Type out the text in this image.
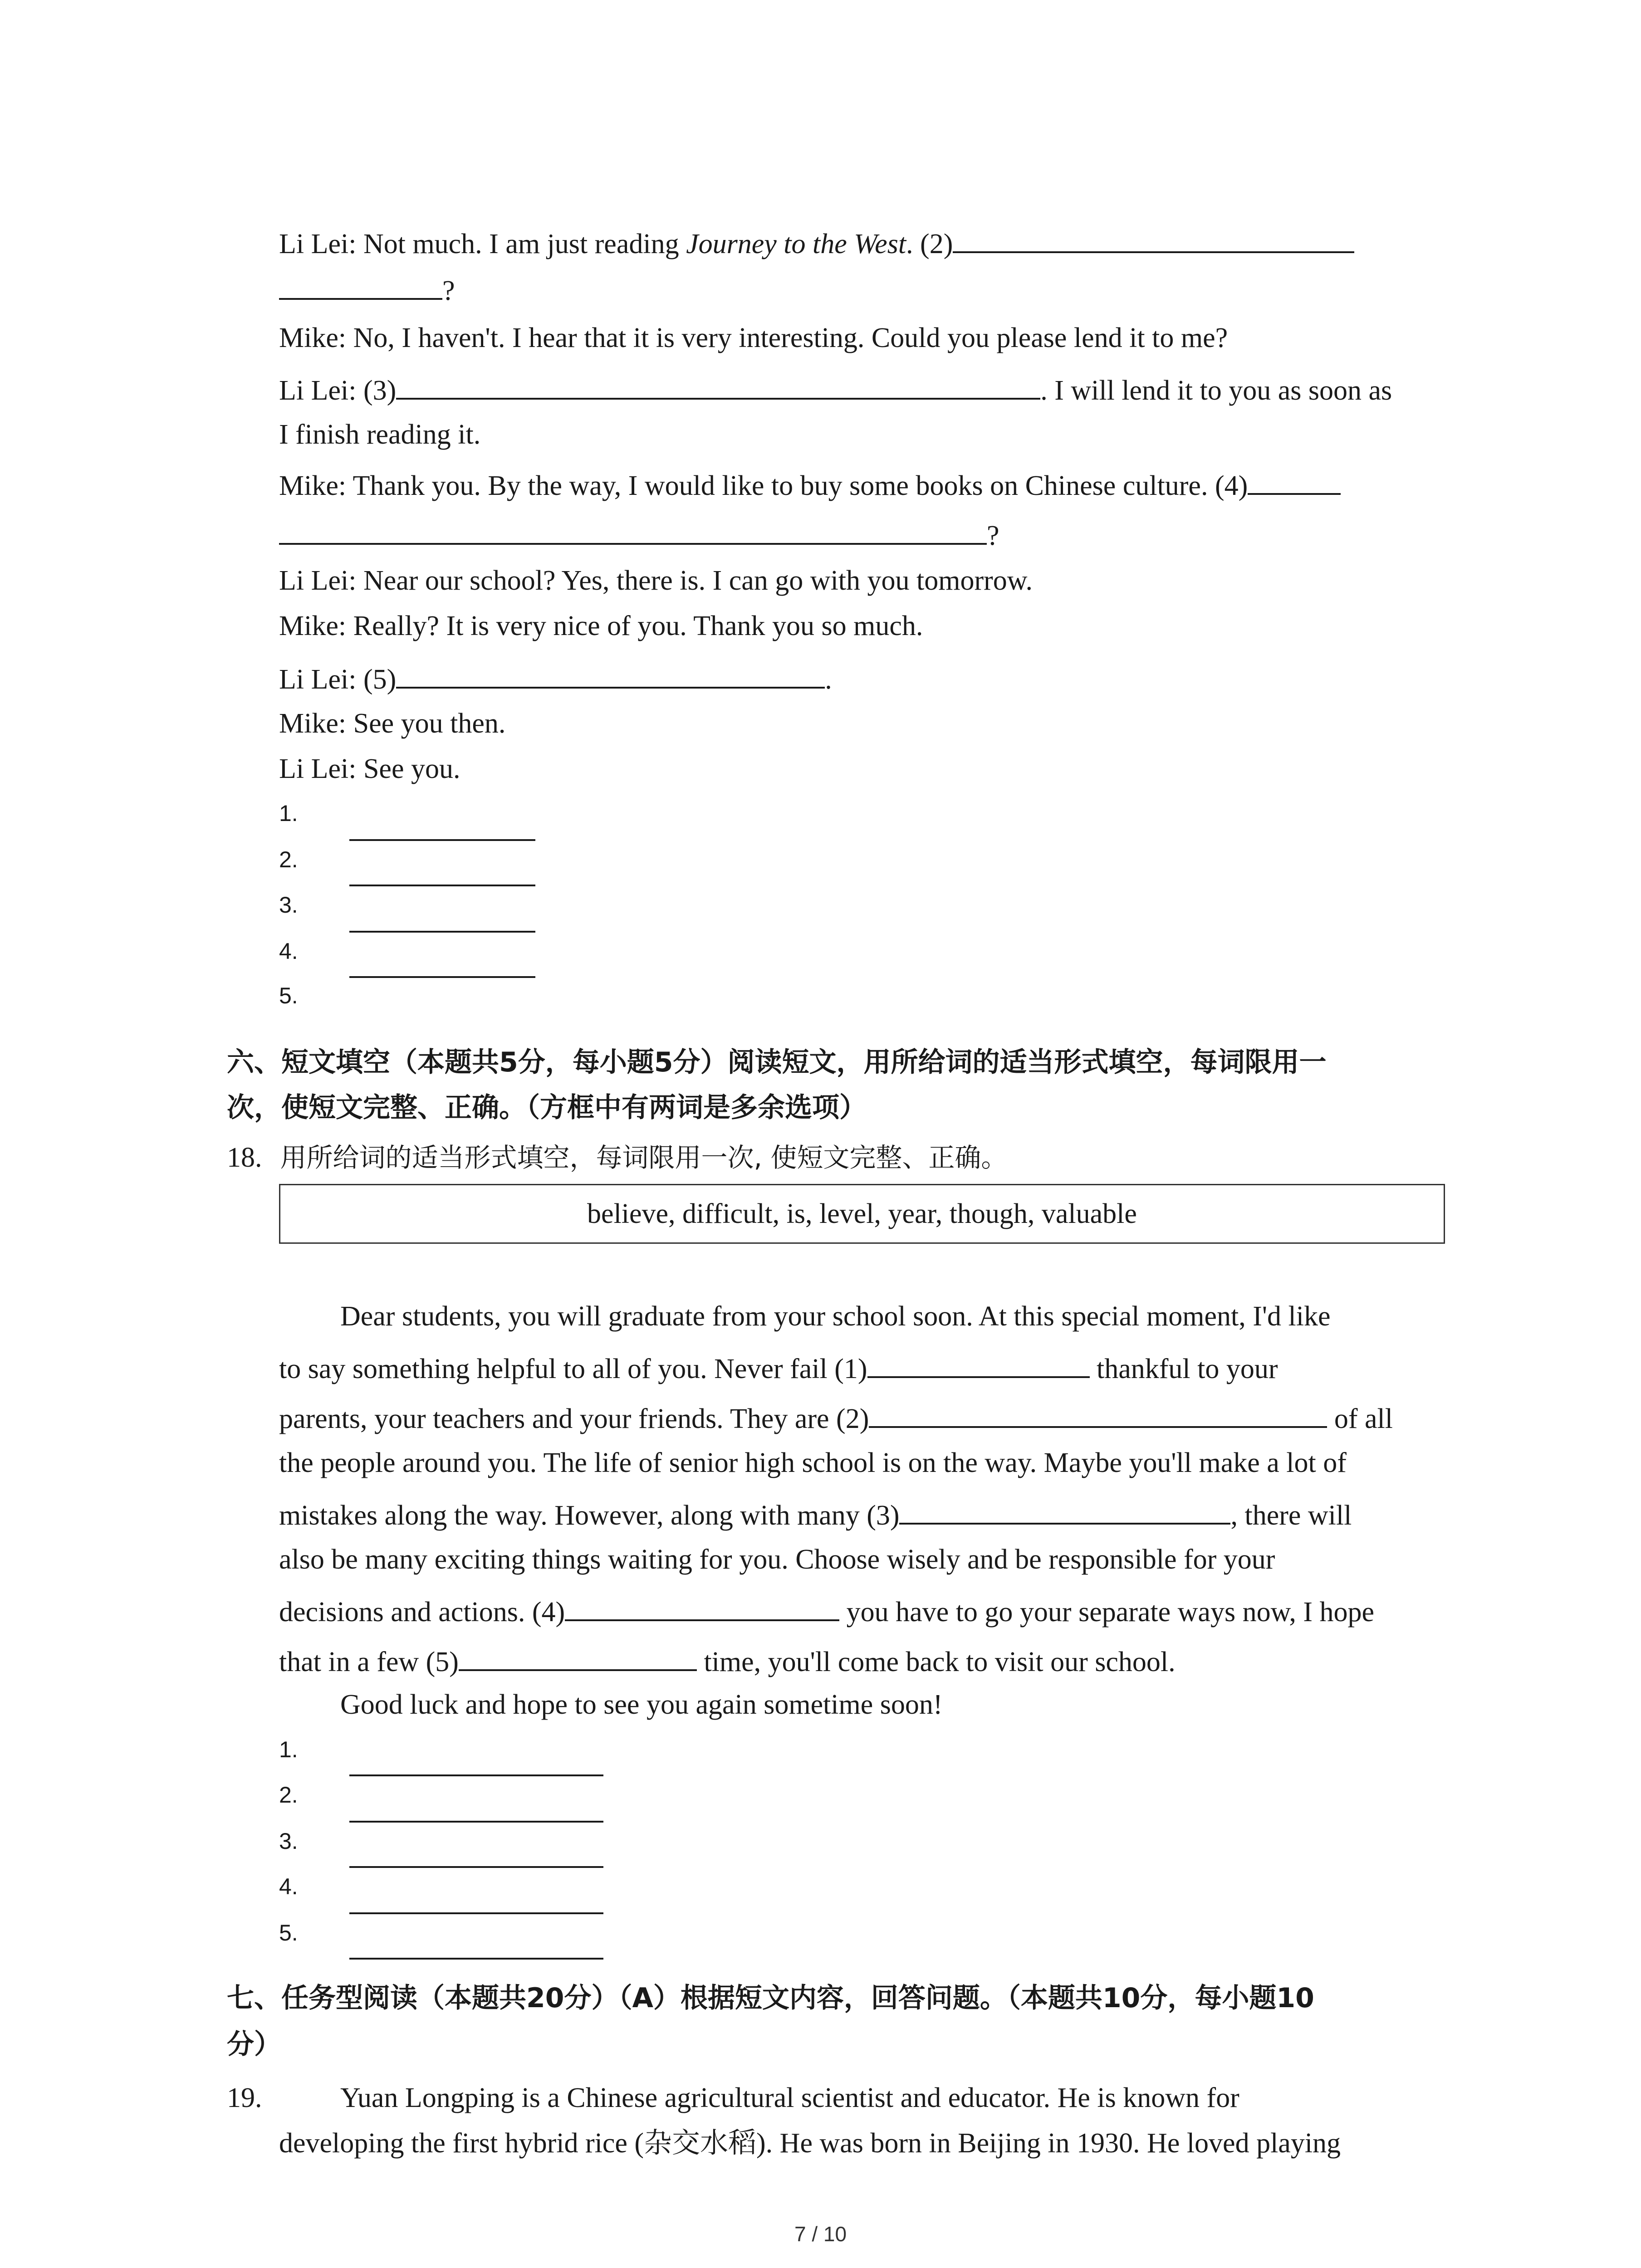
Li Lei: Not much. I am just reading Journey to the West. (2)
?
Mike: No, I haven't. I hear that it is very interesting. Could you please lend it to me?
Li Lei: (3)	. I will lend it to you as soon as
I finish reading it.
Mike: Thank you. By the way, I would like to buy some books on Chinese culture. (4)
?
Li Lei: Near our school? Yes, there is. I can go with you tomorrow.
Mike: Really? It is very nice of you. Thank you so much.
Li Lei: (5)	.
Mike: See you then.
Li Lei: See you.
1.
2.
3.
4.
5.
六、短文填空（本题共5分，每小题5分）阅读短文，用所给词的适当形式填空，每词限用一
次，使短文完整、正确。（方框中有两词是多余选项）
18. 用所给词的适当形式填空，每词限用一次, 使短文完整、正确。
believe, difficult, is, level, year, though, valuable
Dear students, you will graduate from your school soon. At this special moment, I'd like
to say something helpful to all of you. Never fail (1)	thankful to your
parents, your teachers and your friends. They are (2)	of all
the people around you. The life of senior high school is on the way. Maybe you'll make a lot of
mistakes along the way. However, along with many (3)	, there will
also be many exciting things waiting for you. Choose wisely and be responsible for your
decisions and actions. (4)	you have to go your separate ways now, I hope
that in a few (5)	time, you'll come back to visit our school.
Good luck and hope to see you again sometime soon!
1.
2.
3.
4.
5.
七、任务型阅读（本题共20分）（A）根据短文内容，回答问题。（本题共10分，每小题10
分）
19.	Yuan Longping is a Chinese agricultural scientist and educator. He is known for
developing the first hybrid rice (杂交水稻). He was born in Beijing in 1930. He loved playing
7 / 10
